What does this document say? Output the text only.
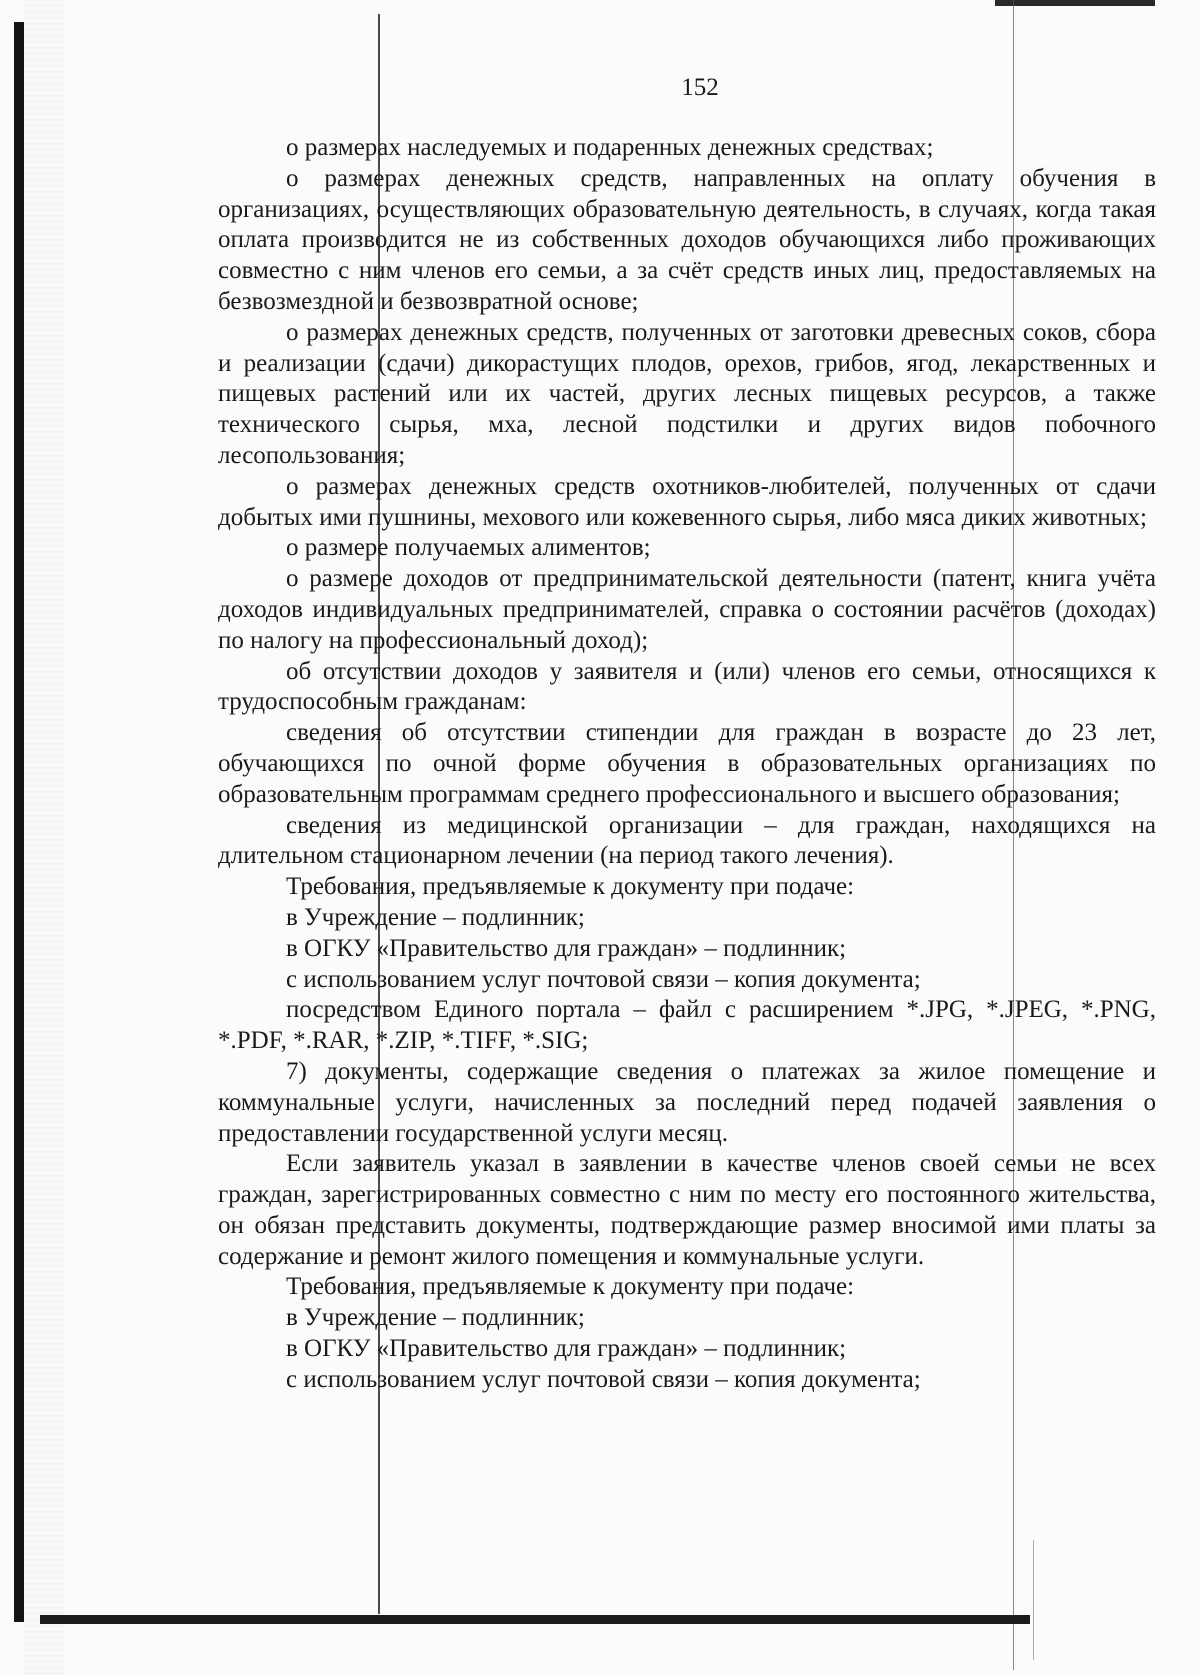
152

о размерах наследуемых и подаренных денежных средствах;

о размерах денежных средств, направленных на оплату обучения в организациях, осуществляющих образовательную деятельность, в случаях, когда такая оплата производится не из собственных доходов обучающихся либо проживающих совместно с ним членов его семьи, а за счёт средств иных лиц, предоставляемых на безвозмездной и безвозвратной основе;

о размерах денежных средств, полученных от заготовки древесных соков, сбора и реализации (сдачи) дикорастущих плодов, орехов, грибов, ягод, лекарственных и пищевых растений или их частей, других лесных пищевых ресурсов, а также технического сырья, мха, лесной подстилки и других видов побочного лесопользования;

о размерах денежных средств охотников-любителей, полученных от сдачи добытых ими пушнины, мехового или кожевенного сырья, либо мяса диких животных;

о размере получаемых алиментов;

о размере доходов от предпринимательской деятельности (патент, книга учёта доходов индивидуальных предпринимателей, справка о состоянии расчётов (доходах) по налогу на профессиональный доход);

об отсутствии доходов у заявителя и (или) членов его семьи, относящихся к трудоспособным гражданам:

сведения об отсутствии стипендии для граждан в возрасте до 23 лет, обучающихся по очной форме обучения в образовательных организациях по образовательным программам среднего профессионального и высшего образования;

сведения из медицинской организации – для граждан, находящихся на длительном стационарном лечении (на период такого лечения).

Требования, предъявляемые к документу при подаче:

в Учреждение – подлинник;

в ОГКУ «Правительство для граждан» – подлинник;

с использованием услуг почтовой связи – копия документа;

посредством Единого портала – файл с расширением *.JPG, *.JPEG, *.PNG, *.PDF, *.RAR, *.ZIP, *.TIFF, *.SIG;

7) документы, содержащие сведения о платежах за жилое помещение и коммунальные услуги, начисленных за последний перед подачей заявления о предоставлении государственной услуги месяц.

Если заявитель указал в заявлении в качестве членов своей семьи не всех граждан, зарегистрированных совместно с ним по месту его постоянного жительства, он обязан представить документы, подтверждающие размер вносимой ими платы за содержание и ремонт жилого помещения и коммунальные услуги.

Требования, предъявляемые к документу при подаче:

в Учреждение – подлинник;

в ОГКУ «Правительство для граждан» – подлинник;

с использованием услуг почтовой связи – копия документа;
